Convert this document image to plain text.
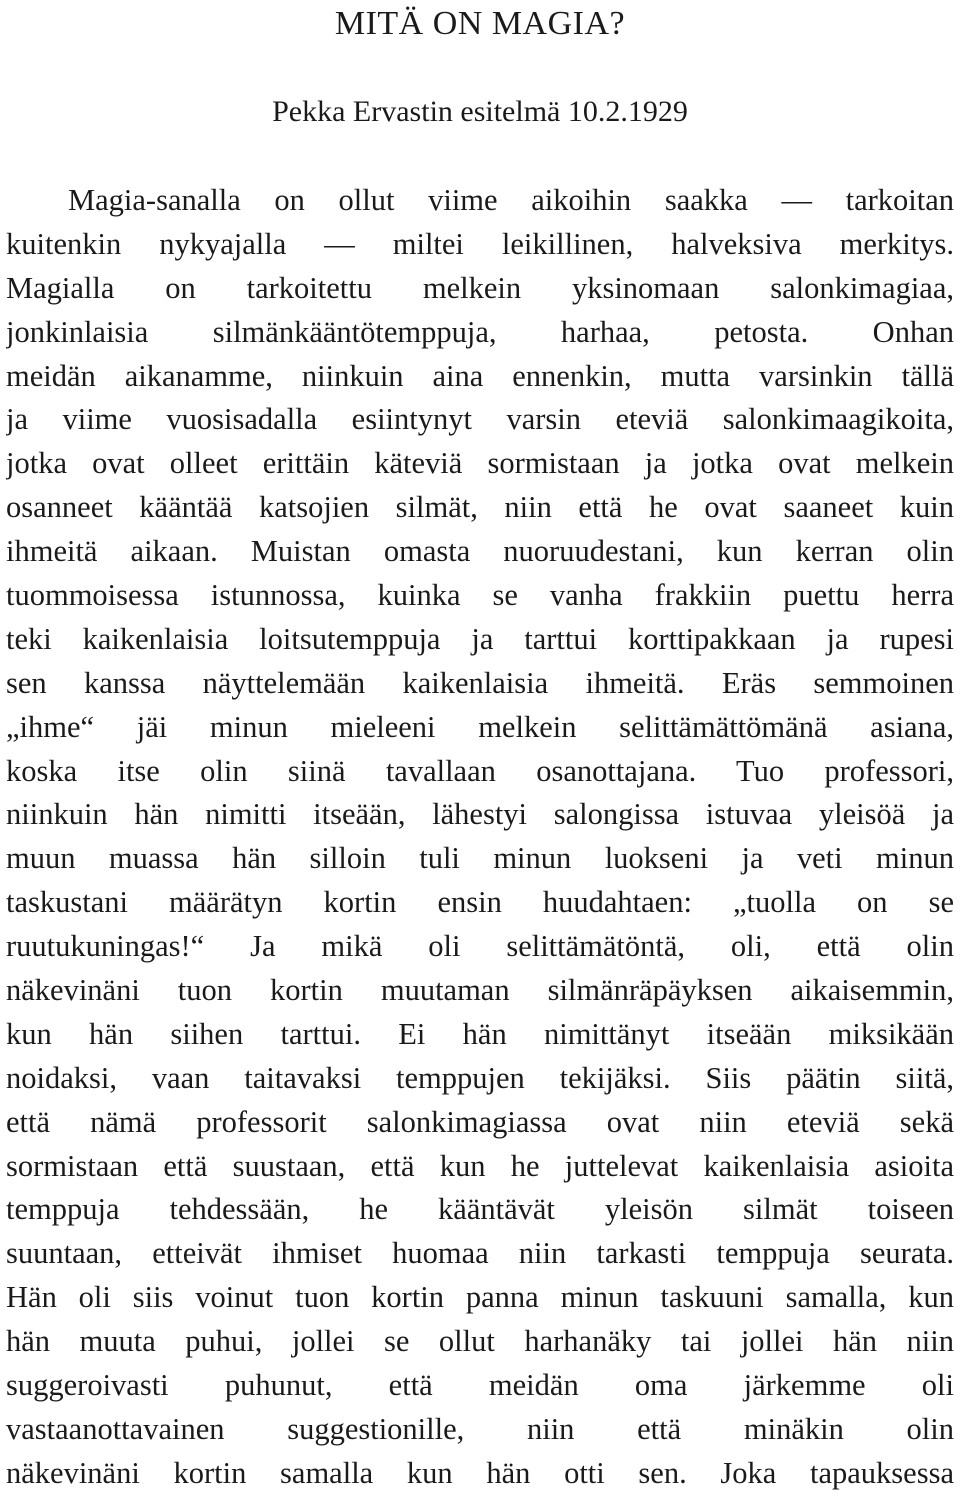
MITÄ ON MAGIA?

Pekka Ervastin esitelmä 10.2.1929

Magia-sanalla on ollut viime aikoihin saakka ― tarkoitan
kuitenkin nykyajalla ― miltei leikillinen, halveksiva merkitys.
Magialla on tarkoitettu melkein yksinomaan salonkimagiaa,
jonkinlaisia silmänkääntötemppuja, harhaa, petosta. Onhan
meidän aikanamme, niinkuin aina ennenkin, mutta varsinkin tällä
ja viime vuosisadalla esiintynyt varsin eteviä salonkimaagikoita,
jotka ovat olleet erittäin käteviä sormistaan ja jotka ovat melkein
osanneet kääntää katsojien silmät, niin että he ovat saaneet kuin
ihmeitä aikaan. Muistan omasta nuoruudestani, kun kerran olin
tuommoisessa istunnossa, kuinka se vanha frakkiin puettu herra
teki kaikenlaisia loitsutemppuja ja tarttui korttipakkaan ja rupesi
sen kanssa näyttelemään kaikenlaisia ihmeitä. Eräs semmoinen
„ihme“ jäi minun mieleeni melkein selittämättömänä asiana,
koska itse olin siinä tavallaan osanottajana. Tuo professori,
niinkuin hän nimitti itseään, lähestyi salongissa istuvaa yleisöä ja
muun muassa hän silloin tuli minun luokseni ja veti minun
taskustani määrätyn kortin ensin huudahtaen: „tuolla on se
ruutukuningas!“ Ja mikä oli selittämätöntä, oli, että olin
näkevinäni tuon kortin muutaman silmänräpäyksen aikaisemmin,
kun hän siihen tarttui. Ei hän nimittänyt itseään miksikään
noidaksi, vaan taitavaksi temppujen tekijäksi. Siis päätin siitä,
että nämä professorit salonkimagiassa ovat niin eteviä sekä
sormistaan että suustaan, että kun he juttelevat kaikenlaisia asioita
temppuja tehdessään, he kääntävät yleisön silmät toiseen
suuntaan, etteivät ihmiset huomaa niin tarkasti temppuja seurata.
Hän oli siis voinut tuon kortin panna minun taskuuni samalla, kun
hän muuta puhui, jollei se ollut harhanäky tai jollei hän niin
suggeroivasti puhunut, että meidän oma järkemme oli
vastaanottavainen suggestionille, niin että minäkin olin
näkevinäni kortin samalla kun hän otti sen. Joka tapauksessa
